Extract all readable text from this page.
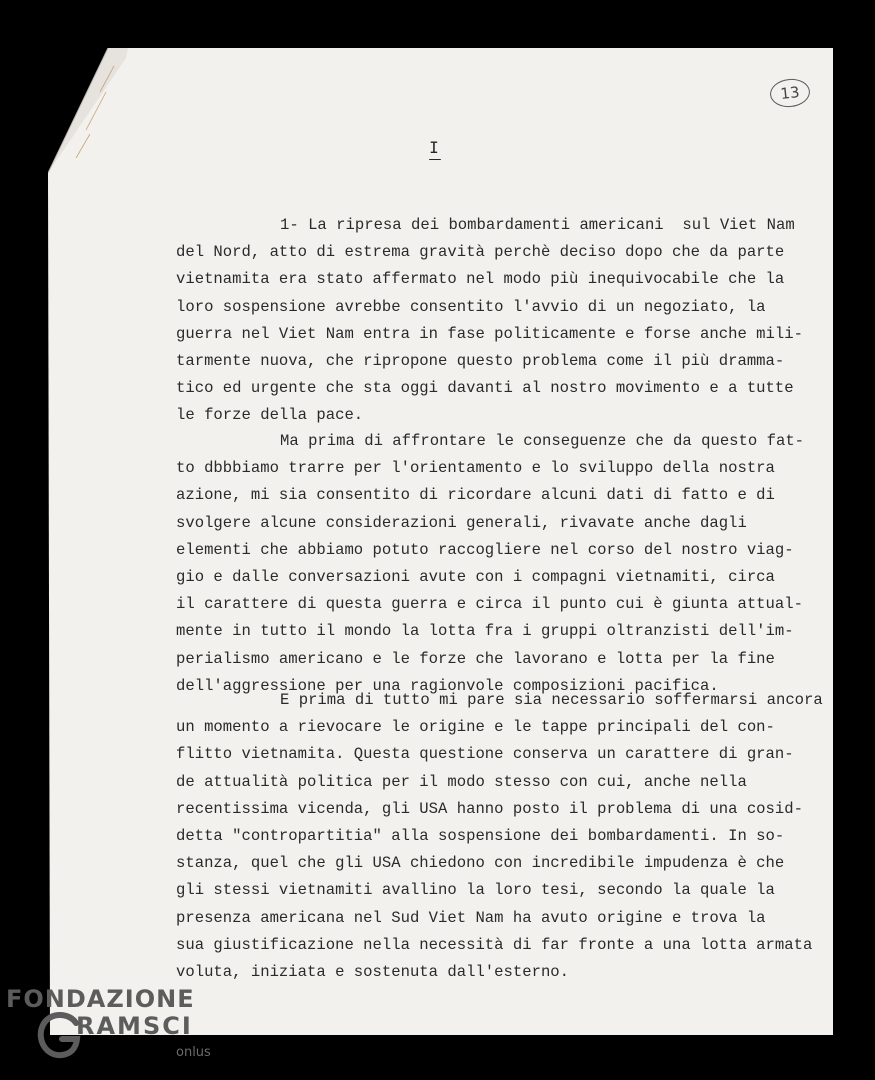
13
I
1- La ripresa dei bombardamenti americani  sul Viet Nam
del Nord, atto di estrema gravità perchè deciso dopo che da parte
vietnamita era stato affermato nel modo più inequivocabile che la
loro sospensione avrebbe consentito l'avvio di un negoziato, la
guerra nel Viet Nam entra in fase politicamente e forse anche mili-
tarmente nuova, che ripropone questo problema come il più dramma-
tico ed urgente che sta oggi davanti al nostro movimento e a tutte
le forze della pace.
Ma prima di affrontare le conseguenze che da questo fat-
to dbbbiamo trarre per l'orientamento e lo sviluppo della nostra
azione, mi sia consentito di ricordare alcuni dati di fatto e di
svolgere alcune considerazioni generali, rivavate anche dagli
elementi che abbiamo potuto raccogliere nel corso del nostro viag-
gio e dalle conversazioni avute con i compagni vietnamiti, circa
il carattere di questa guerra e circa il punto cui è giunta attual-
mente in tutto il mondo la lotta fra i gruppi oltranzisti dell'im-
perialismo americano e le forze che lavorano e lotta per la fine
dell'aggressione per una ragionvole composizioni pacifica.
E prima di tutto mi pare sia necessario soffermarsi ancora
un momento a rievocare le origine e le tappe principali del con-
flitto vietnamita. Questa questione conserva un carattere di gran-
de attualità politica per il modo stesso con cui, anche nella
recentissima vicenda, gli USA hanno posto il problema di una cosid-
detta "contropartitia" alla sospensione dei bombardamenti. In so-
stanza, quel che gli USA chiedono con incredibile impudenza è che
gli stessi vietnamiti avallino la loro tesi, secondo la quale la
presenza americana nel Sud Viet Nam ha avuto origine e trova la
sua giustificazione nella necessità di far fronte a una lotta armata
voluta, iniziata e sostenuta dall'esterno.
FONDAZIONE
RAMSCI
onlus
